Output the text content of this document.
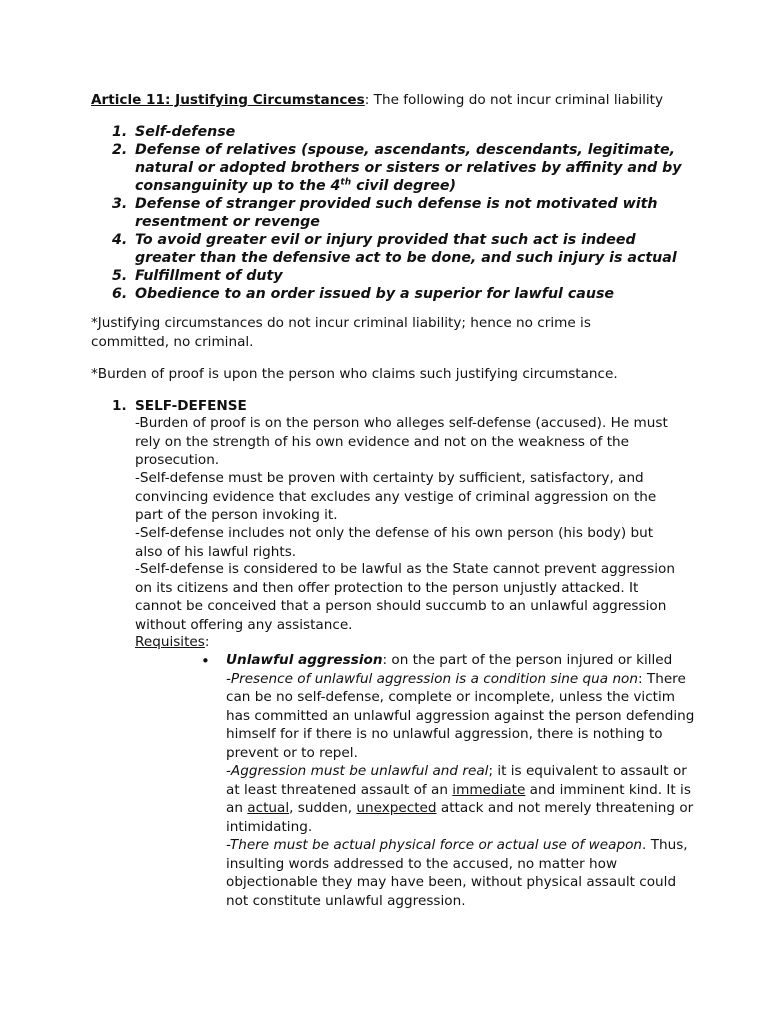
Article 11: Justifying Circumstances: The following do not incur criminal liability
1. Self-defense
2. Defense of relatives (spouse, ascendants, descendants, legitimate, natural or adopted brothers or sisters or relatives by affinity and by consanguinity up to the 4th civil degree)
3. Defense of stranger provided such defense is not motivated with resentment or revenge
4. To avoid greater evil or injury provided that such act is indeed greater than the defensive act to be done, and such injury is actual
5. Fulfillment of duty
6. Obedience to an order issued by a superior for lawful cause

*Justifying circumstances do not incur criminal liability; hence no crime is committed, no criminal.

*Burden of proof is upon the person who claims such justifying circumstance.

1. SELF-DEFENSE
-Burden of proof is on the person who alleges self-defense (accused). He must rely on the strength of his own evidence and not on the weakness of the prosecution.
-Self-defense must be proven with certainty by sufficient, satisfactory, and convincing evidence that excludes any vestige of criminal aggression on the part of the person invoking it.
-Self-defense includes not only the defense of his own person (his body) but also of his lawful rights.
-Self-defense is considered to be lawful as the State cannot prevent aggression on its citizens and then offer protection to the person unjustly attacked. It cannot be conceived that a person should succumb to an unlawful aggression without offering any assistance.
Requisites:
• Unlawful aggression: on the part of the person injured or killed
-Presence of unlawful aggression is a condition sine qua non: There can be no self-defense, complete or incomplete, unless the victim has committed an unlawful aggression against the person defending himself for if there is no unlawful aggression, there is nothing to prevent or to repel.
-Aggression must be unlawful and real; it is equivalent to assault or at least threatened assault of an immediate and imminent kind. It is an actual, sudden, unexpected attack and not merely threatening or intimidating.
-There must be actual physical force or actual use of weapon. Thus, insulting words addressed to the accused, no matter how objectionable they may have been, without physical assault could not constitute unlawful aggression.
